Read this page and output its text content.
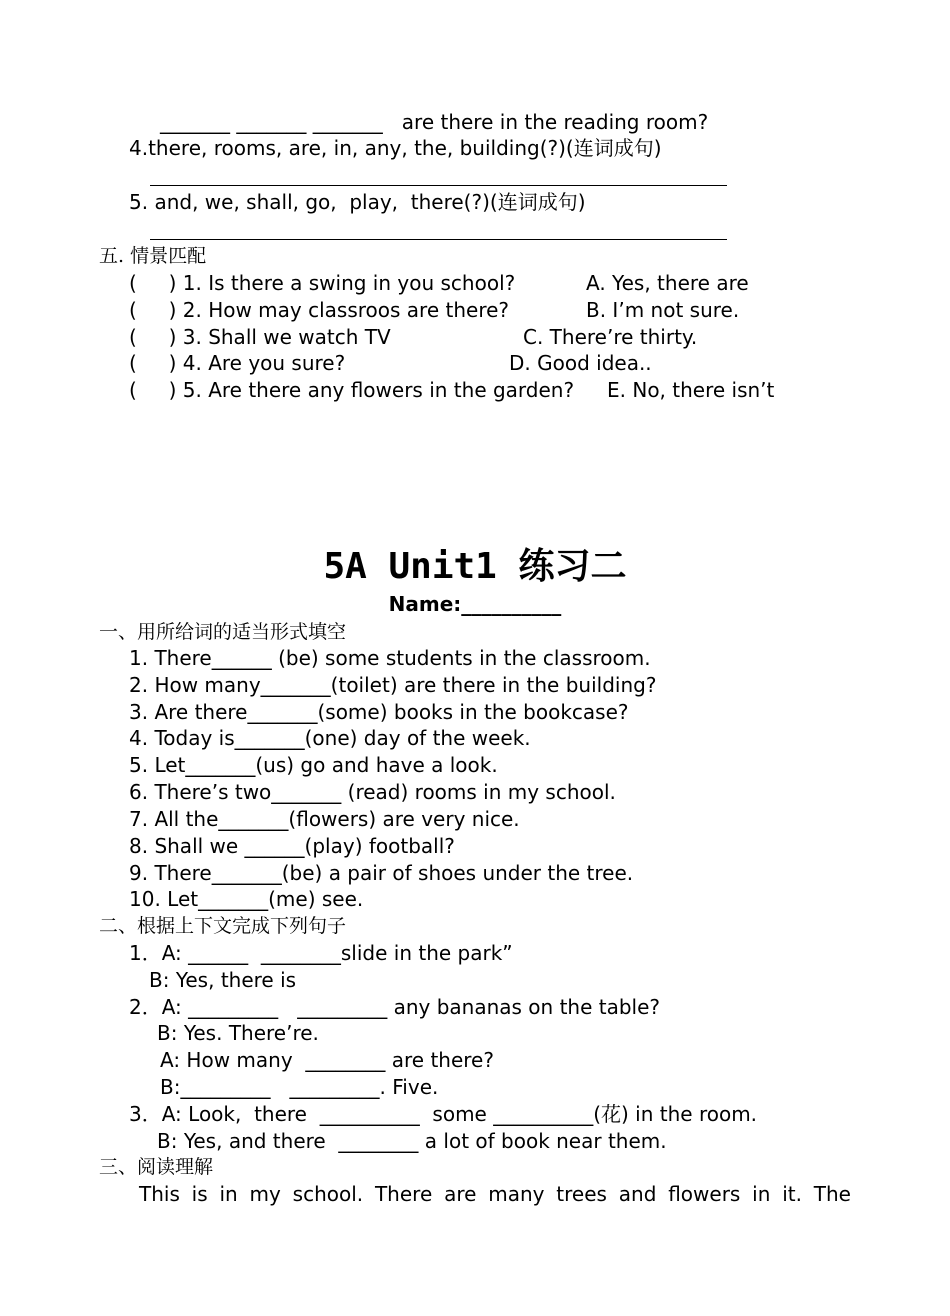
_______ _______ _______   are there in the reading room?
4.there, rooms, are, in, any, the, building(?)(连词成句)
5. and, we, shall, go,  play,  there(?)(连词成句)
五. 情景匹配
(     ) 1. Is there a swing in you school?	A. Yes, there are
(     ) 2. How may classroos are there?	B. I’m not sure.
(     ) 3. Shall we watch TV	C. There’re thirty.
(     ) 4. Are you sure?	D. Good idea..
(     ) 5. Are there any flowers in the garden? E. No, there isn’t
5A Unit1 练习二
Name:__________
一、用所给词的适当形式填空
1. There______ (be) some students in the classroom.
2. How many_______(toilet) are there in the building?
3. Are there_______(some) books in the bookcase?
4. Today is_______(one) day of the week.
5. Let_______(us) go and have a look.
6. There’s two_______ (read) rooms in my school.
7. All the_______(flowers) are very nice.
8. Shall we ______(play) football?
9. There_______(be) a pair of shoes under the tree.
10. Let_______(me) see.
二、根据上下文完成下列句子
1．A: ______  ________slide in the park”
B: Yes, there is
2．A: _________   _________ any bananas on the table?
B: Yes. There’re.
A: How many  ________ are there?
B:_________   _________. Five.
3．A: Look,  there  __________  some __________(花) in the room.
B: Yes, and there  ________ a lot of book near them.
三、阅读理解
This is in my school. There are many trees and flowers in it. The
